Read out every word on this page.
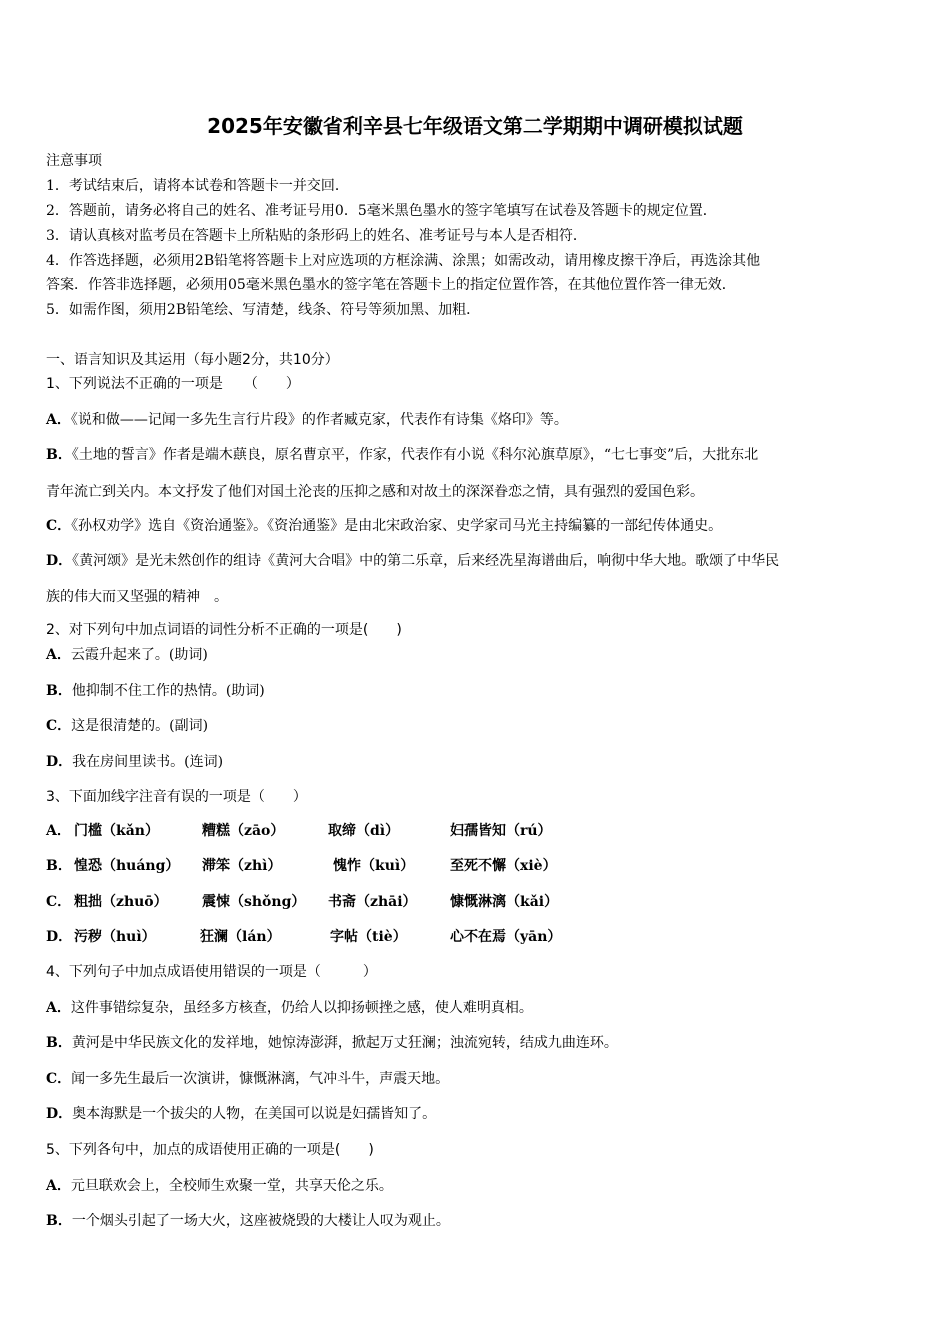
2025年安徽省利辛县七年级语文第二学期期中调研模拟试题
注意事项
1．考试结束后，请将本试卷和答题卡一并交回．
2．答题前，请务必将自己的姓名、准考证号用0．5毫米黑色墨水的签字笔填写在试卷及答题卡的规定位置．
3．请认真核对监考员在答题卡上所粘贴的条形码上的姓名、准考证号与本人是否相符．
4．作答选择题，必须用2B铅笔将答题卡上对应选项的方框涂满、涂黑；如需改动，请用橡皮擦干净后，再选涂其他
答案．作答非选择题，必须用05毫米黑色墨水的签字笔在答题卡上的指定位置作答，在其他位置作答一律无效．
5．如需作图，须用2B铅笔绘、写清楚，线条、符号等须加黑、加粗．
一、语言知识及其运用（每小题2分，共10分）
1、下列说法不正确的一项是　　（　　）
A．《说和做——记闻一多先生言行片段》的作者臧克家，代表作有诗集《烙印》等。
B．《土地的誓言》作者是端木蕻良，原名曹京平，作家，代表作有小说《科尔沁旗草原》，“七七事变”后，大批东北
青年流亡到关内。本文抒发了他们对国土沦丧的压抑之感和对故土的深深眷恋之情，具有强烈的爱国色彩。
C．《孙权劝学》选自《资治通鉴》。《资治通鉴》是由北宋政治家、史学家司马光主持编纂的一部纪传体通史。
D．《黄河颂》是光未然创作的组诗《黄河大合唱》中的第二乐章，后来经冼星海谱曲后，响彻中华大地。歌颂了中华民
族的伟大而又坚强的精神　。
2、对下列句中加点词语的词性分析不正确的一项是(　　)
A．云霞升起来了。(助词)
B．他抑制不住工作的热情。(助词)
C．这是很清楚的。(副词)
D．我在房间里读书。(连词)
3、下面加线字注音有误的一项是（　　）
A． 门槛（kǎn）	糟糕（zāo）	取缔（dì）	妇孺皆知（rú）
B． 惶恐（huáng） 滞笨（zhì）	愧怍（kuì）	至死不懈（xiè）
C． 粗拙（zhuō） 震悚（shǒng） 书斋（zhāi） 慷慨淋漓（kǎi）
D． 污秽（huì）	狂澜（lán）	字帖（tiè）	心不在焉（yān）
4、下列句子中加点成语使用错误的一项是（　　　）
A．这件事错综复杂，虽经多方核查，仍给人以抑扬顿挫之感，使人难明真相。
B．黄河是中华民族文化的发祥地，她惊涛澎湃，掀起万丈狂澜；浊流宛转，结成九曲连环。
C．闻一多先生最后一次演讲，慷慨淋漓，气冲斗牛，声震天地。
D．奥本海默是一个拔尖的人物，在美国可以说是妇孺皆知了。
5、下列各句中，加点的成语使用正确的一项是(　　)
A．元旦联欢会上，全校师生欢聚一堂，共享天伦之乐。
B．一个烟头引起了一场大火，这座被烧毁的大楼让人叹为观止。
